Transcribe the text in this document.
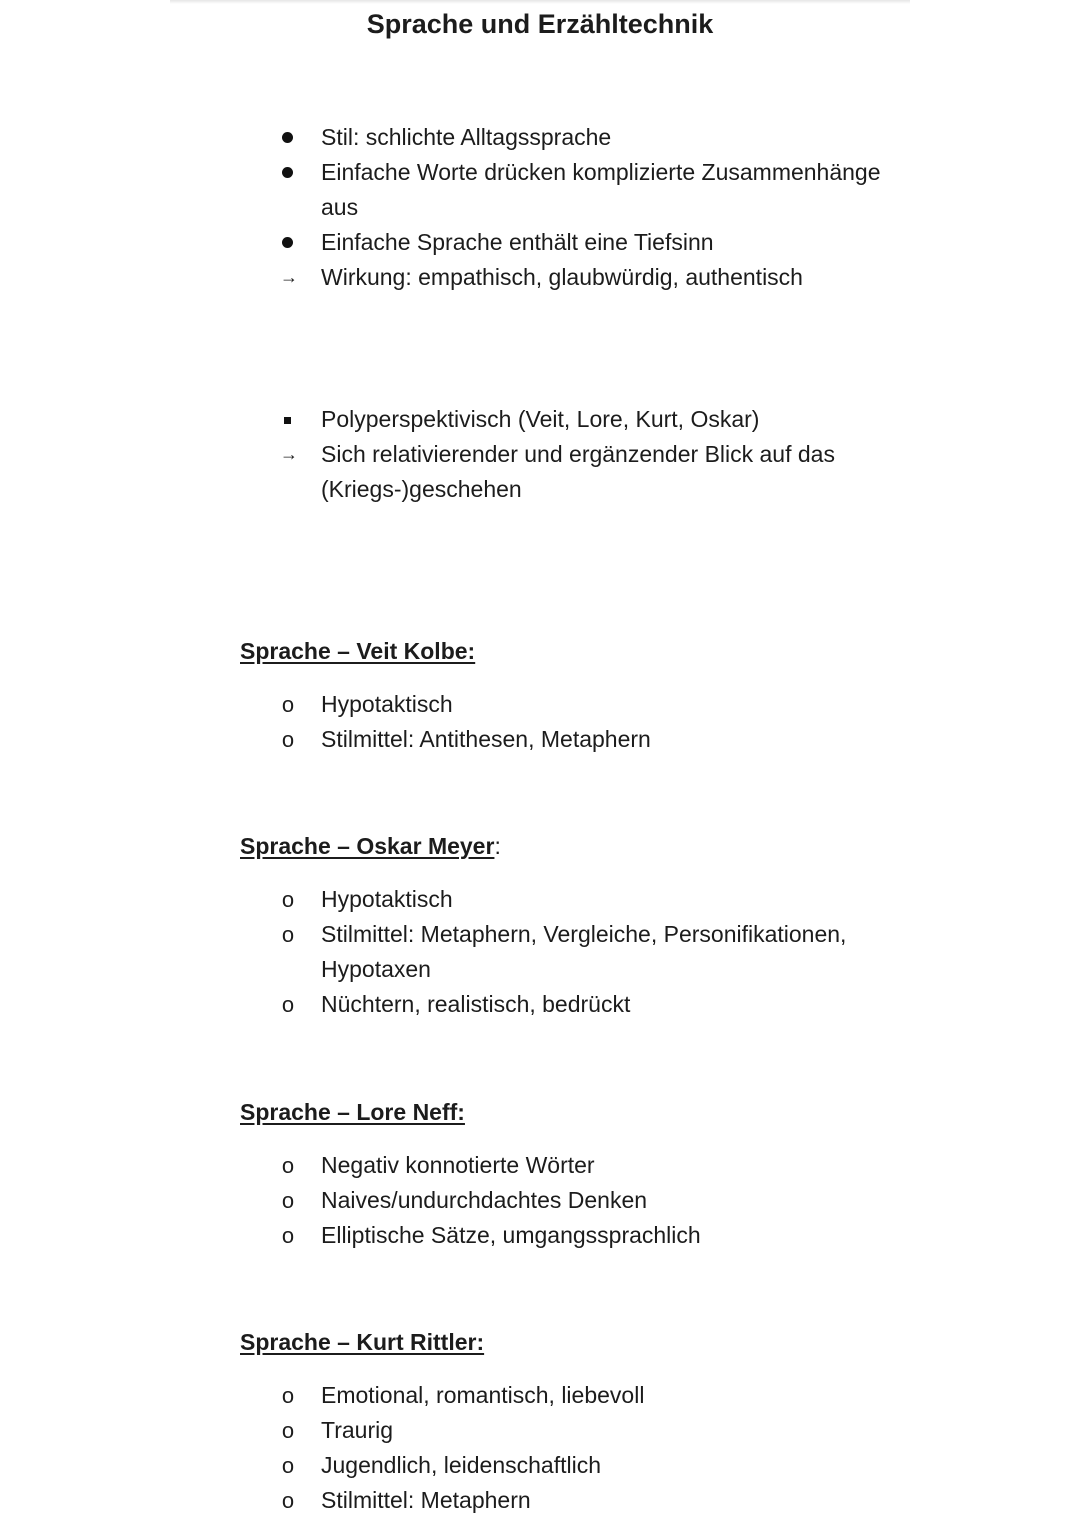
Sprache und Erzähltechnik
Stil: schlichte Alltagssprache
Einfache Worte drücken komplizierte Zusammenhänge aus
Einfache Sprache enthält eine Tiefsinn
→ Wirkung: empathisch, glaubwürdig, authentisch
Polyperspektivisch (Veit, Lore, Kurt, Oskar)
→ Sich relativierender und ergänzender Blick auf das (Kriegs-)geschehen
Sprache – Veit Kolbe:
o	Hypotaktisch
o	Stilmittel: Antithesen, Metaphern
Sprache – Oskar Meyer:
o	Hypotaktisch
o	Stilmittel: Metaphern, Vergleiche, Personifikationen, Hypotaxen
o	Nüchtern, realistisch, bedrückt
Sprache – Lore Neff:
o	Negativ konnotierte Wörter
o	Naives/undurchdachtes Denken
o	Elliptische Sätze, umgangssprachlich
Sprache – Kurt Rittler:
o	Emotional, romantisch, liebevoll
o	Traurig
o	Jugendlich, leidenschaftlich
o	Stilmittel: Metaphern
